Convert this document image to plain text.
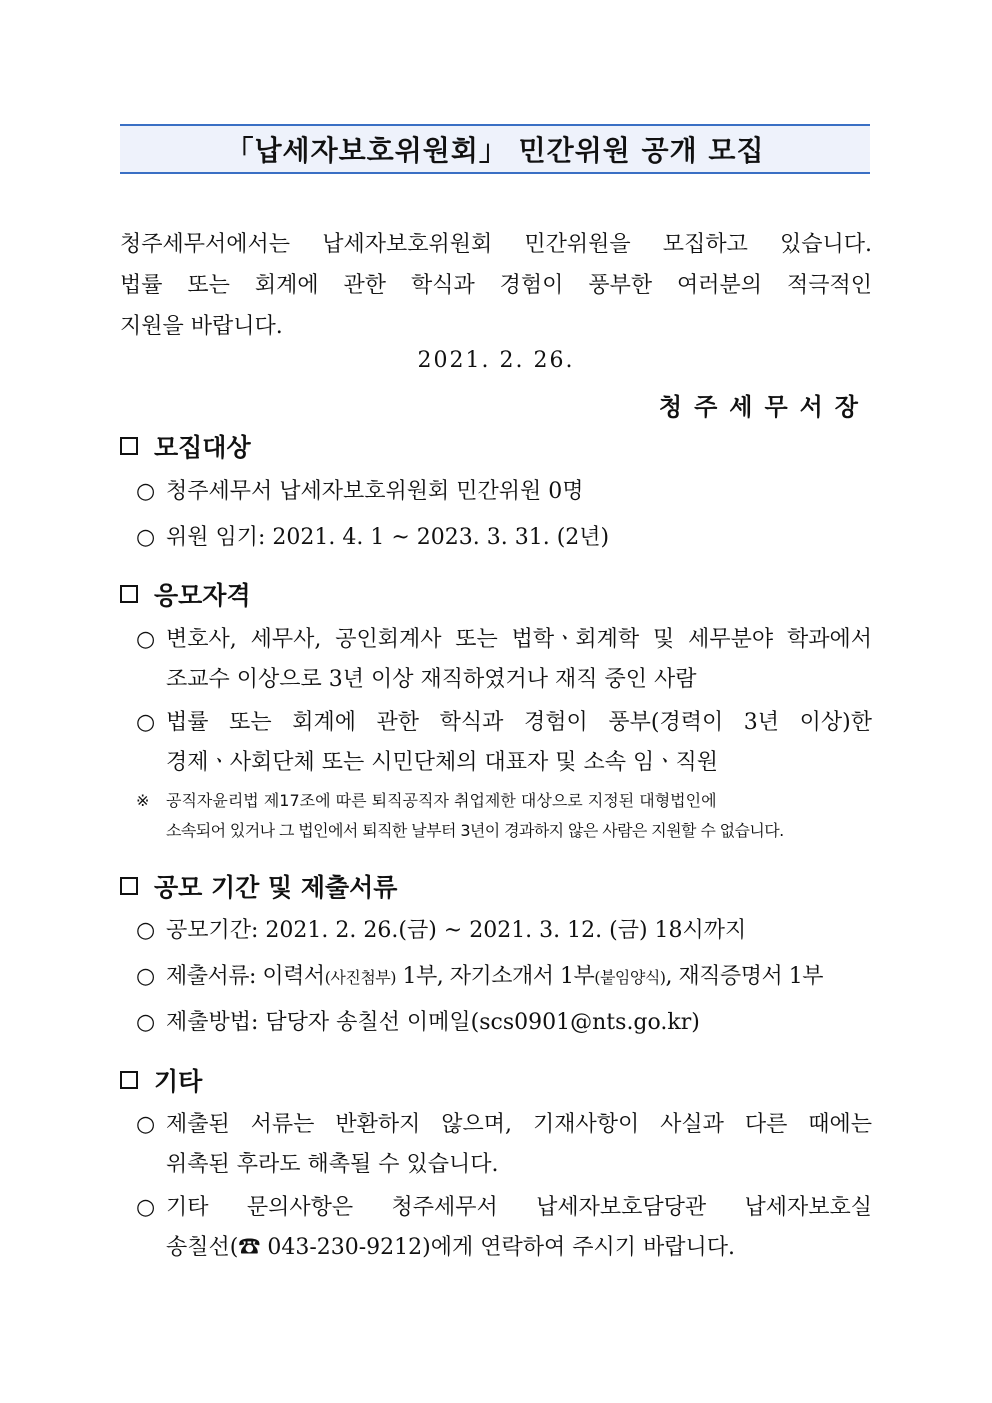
「납세자보호위원회」 민간위원 공개 모집
청주세무서에서는 납세자보호위원회 민간위원을 모집하고 있습니다.
법률 또는 회계에 관한 학식과 경험이 풍부한 여러분의 적극적인
지원을 바랍니다.
2021. 2. 26.
청주세무서장
모집대상
○ 청주세무서 납세자보호위원회 민간위원 0명
○ 위원 임기: 2021. 4. 1 ~ 2023. 3. 31. (2년)
응모자격
○ 변호사, 세무사, 공인회계사 또는 법학ㆍ회계학 및 세무분야 학과에서
조교수 이상으로 3년 이상 재직하였거나 재직 중인 사람
○ 법률 또는 회계에 관한 학식과 경험이 풍부(경력이 3년 이상)한
경제ㆍ사회단체 또는 시민단체의 대표자 및 소속 임ㆍ직원
※ 공직자윤리법 제17조에 따른 퇴직공직자 취업제한 대상으로 지정된 대형법인에
소속되어 있거나 그 법인에서 퇴직한 날부터 3년이 경과하지 않은 사람은 지원할 수 없습니다.
공모 기간 및 제출서류
○ 공모기간: 2021. 2. 26.(금) ~ 2021. 3. 12. (금) 18시까지
○ 제출서류: 이력서(사진첨부) 1부, 자기소개서 1부(붙임양식), 재직증명서 1부
○ 제출방법: 담당자 송칠선 이메일(scs0901@nts.go.kr)
기타
○ 제출된 서류는 반환하지 않으며, 기재사항이 사실과 다른 때에는
위촉된 후라도 해촉될 수 있습니다.
○ 기타 문의사항은 청주세무서 납세자보호담당관 납세자보호실
송칠선(☎ 043-230-9212)에게 연락하여 주시기 바랍니다.
